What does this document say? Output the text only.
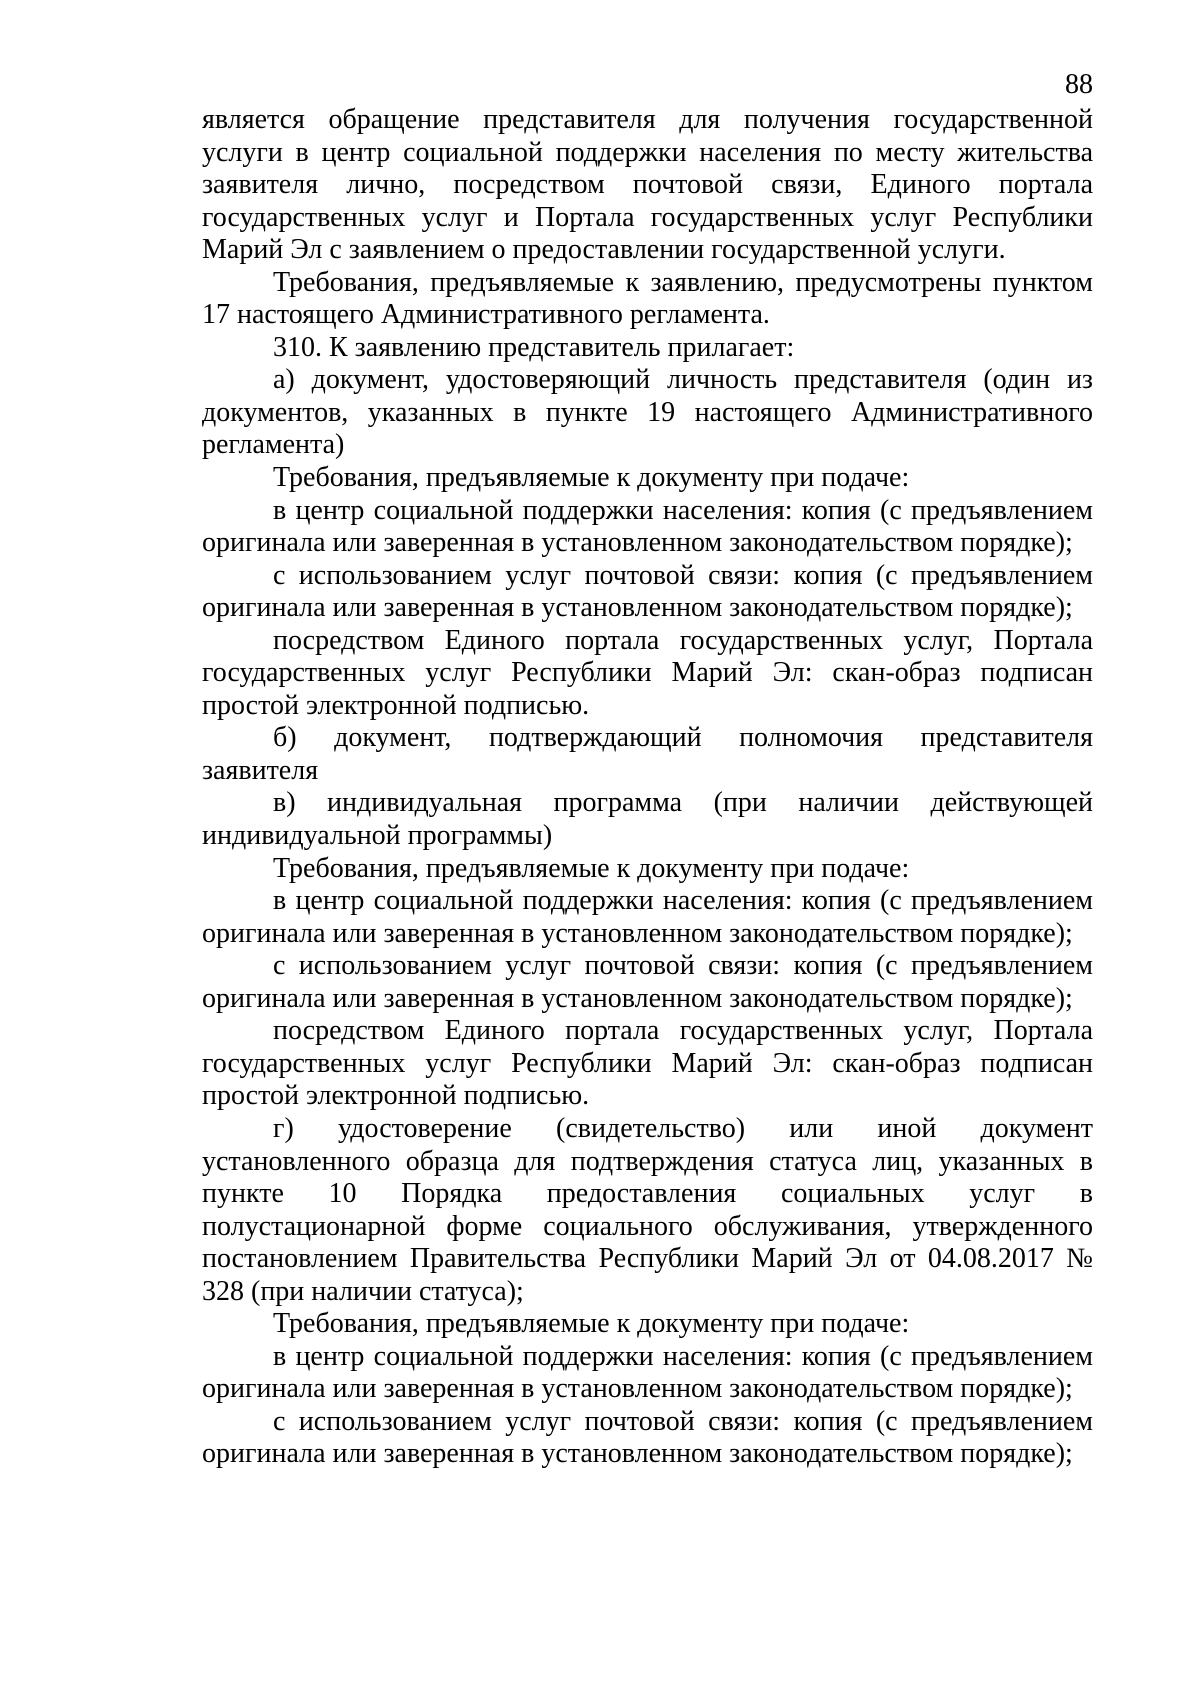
88

является обращение представителя для получения государственной услуги в центр социальной поддержки населения по месту жительства заявителя лично, посредством почтовой связи, Единого портала государственных услуг и Портала государственных услуг Республики Марий Эл с заявлением о предоставлении государственной услуги.

Требования, предъявляемые к заявлению, предусмотрены пунктом 17 настоящего Административного регламента.

310. К заявлению представитель прилагает:

а) документ, удостоверяющий личность представителя (один из документов, указанных в пункте 19 настоящего Административного регламента)

Требования, предъявляемые к документу при подаче:

в центр социальной поддержки населения: копия (с предъявлением оригинала или заверенная в установленном законодательством порядке);

с использованием услуг почтовой связи: копия (с предъявлением оригинала или заверенная в установленном законодательством порядке);

посредством Единого портала государственных услуг, Портала государственных услуг Республики Марий Эл: скан-образ подписан простой электронной подписью.

б) документ, подтверждающий полномочия представителя заявителя

в) индивидуальная программа (при наличии действующей индивидуальной программы)

Требования, предъявляемые к документу при подаче:

в центр социальной поддержки населения: копия (с предъявлением оригинала или заверенная в установленном законодательством порядке);

с использованием услуг почтовой связи: копия (с предъявлением оригинала или заверенная в установленном законодательством порядке);

посредством Единого портала государственных услуг, Портала государственных услуг Республики Марий Эл: скан-образ подписан простой электронной подписью.

г) удостоверение (свидетельство) или иной документ установленного образца для подтверждения статуса лиц, указанных в пункте 10 Порядка предоставления социальных услуг в полустационарной форме социального обслуживания, утвержденного постановлением Правительства Республики Марий Эл от 04.08.2017 № 328 (при наличии статуса);

Требования, предъявляемые к документу при подаче:

в центр социальной поддержки населения: копия (с предъявлением оригинала или заверенная в установленном законодательством порядке);

с использованием услуг почтовой связи: копия (с предъявлением оригинала или заверенная в установленном законодательством порядке);
